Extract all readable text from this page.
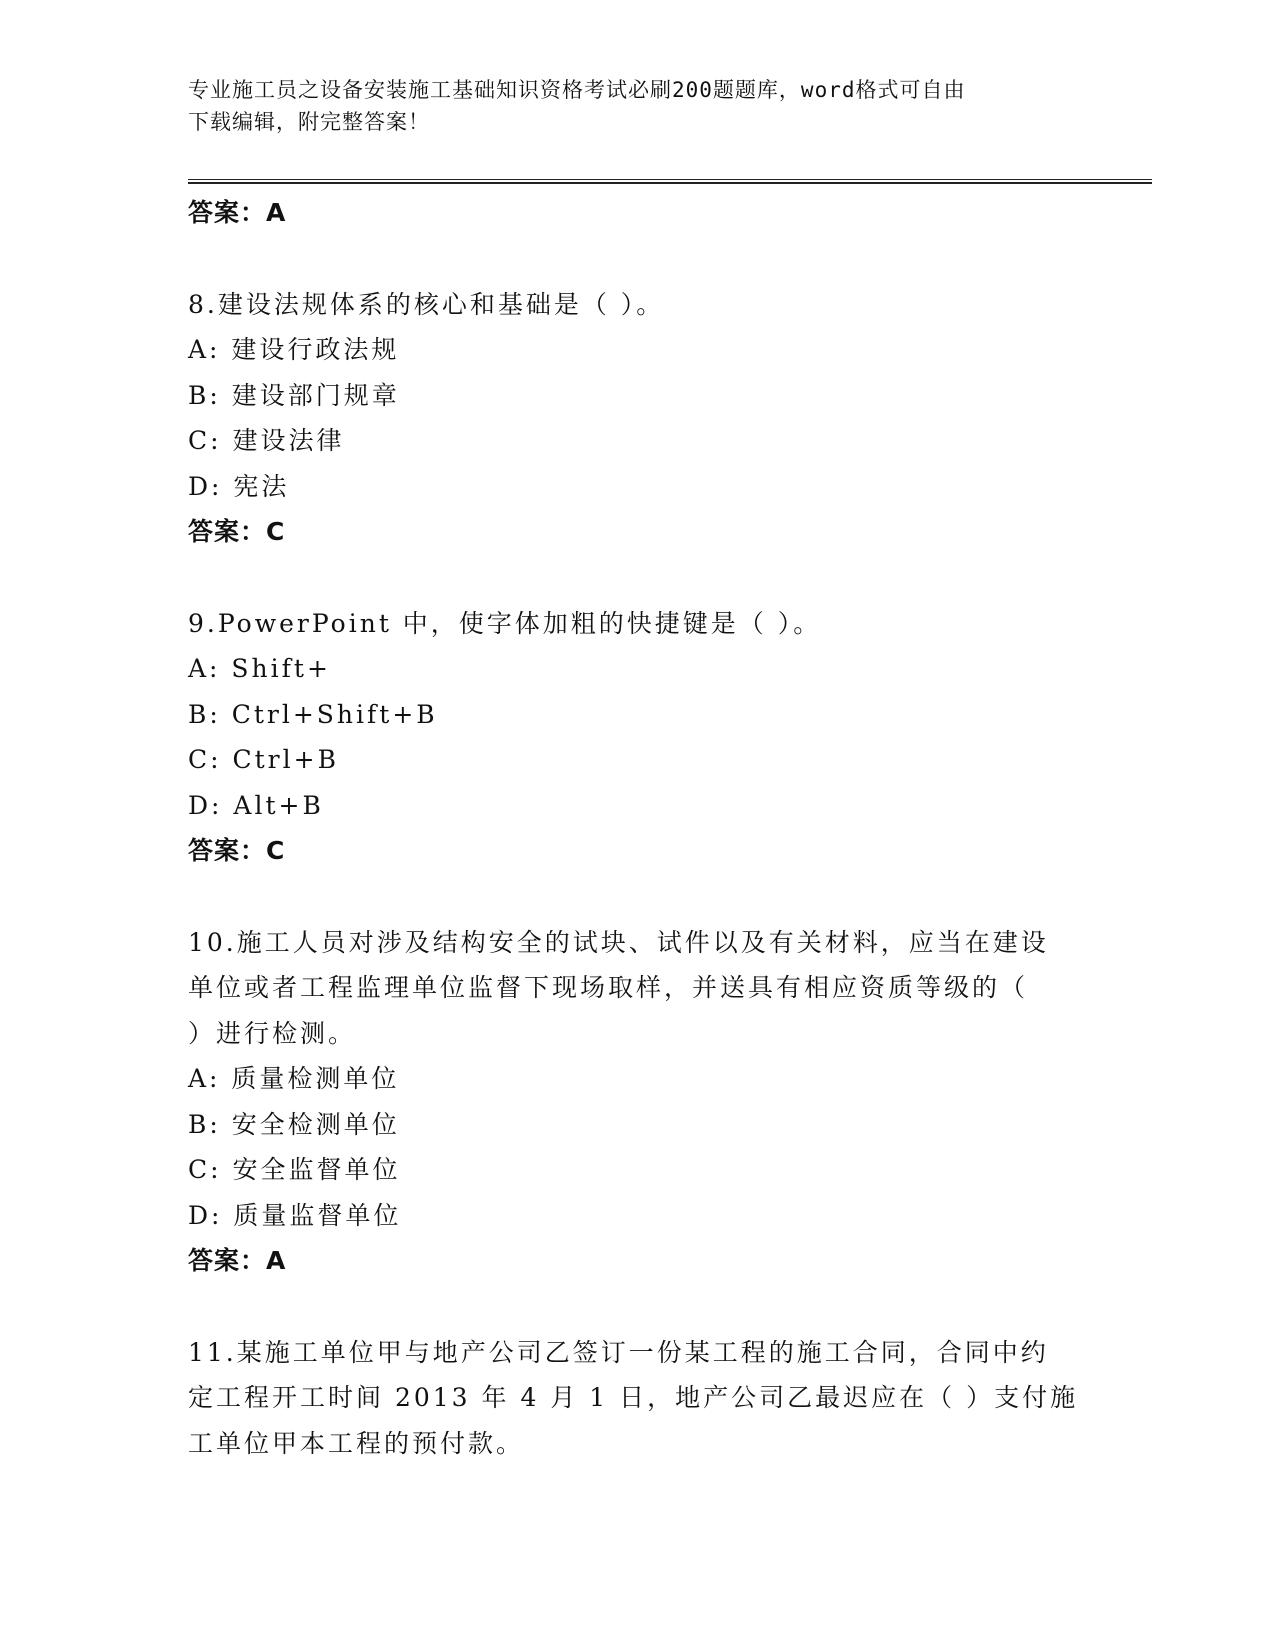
专业施工员之设备安装施工基础知识资格考试必刷200题题库，word格式可自由
下载编辑，附完整答案！
答案：A
8.建设法规体系的核心和基础是（ ）。
A: 建设行政法规
B: 建设部门规章
C: 建设法律
D: 宪法
答案：C
9.PowerPoint 中，使字体加粗的快捷键是（ ）。
A: Shift+
B: Ctrl+Shift+B
C: Ctrl+B
D: Alt+B
答案：C
10.施工人员对涉及结构安全的试块、试件以及有关材料，应当在建设
单位或者工程监理单位监督下现场取样，并送具有相应资质等级的（
）进行检测。
A: 质量检测单位
B: 安全检测单位
C: 安全监督单位
D: 质量监督单位
答案：A
11.某施工单位甲与地产公司乙签订一份某工程的施工合同，合同中约
定工程开工时间 2013 年 4 月 1 日，地产公司乙最迟应在（ ）支付施
工单位甲本工程的预付款。
